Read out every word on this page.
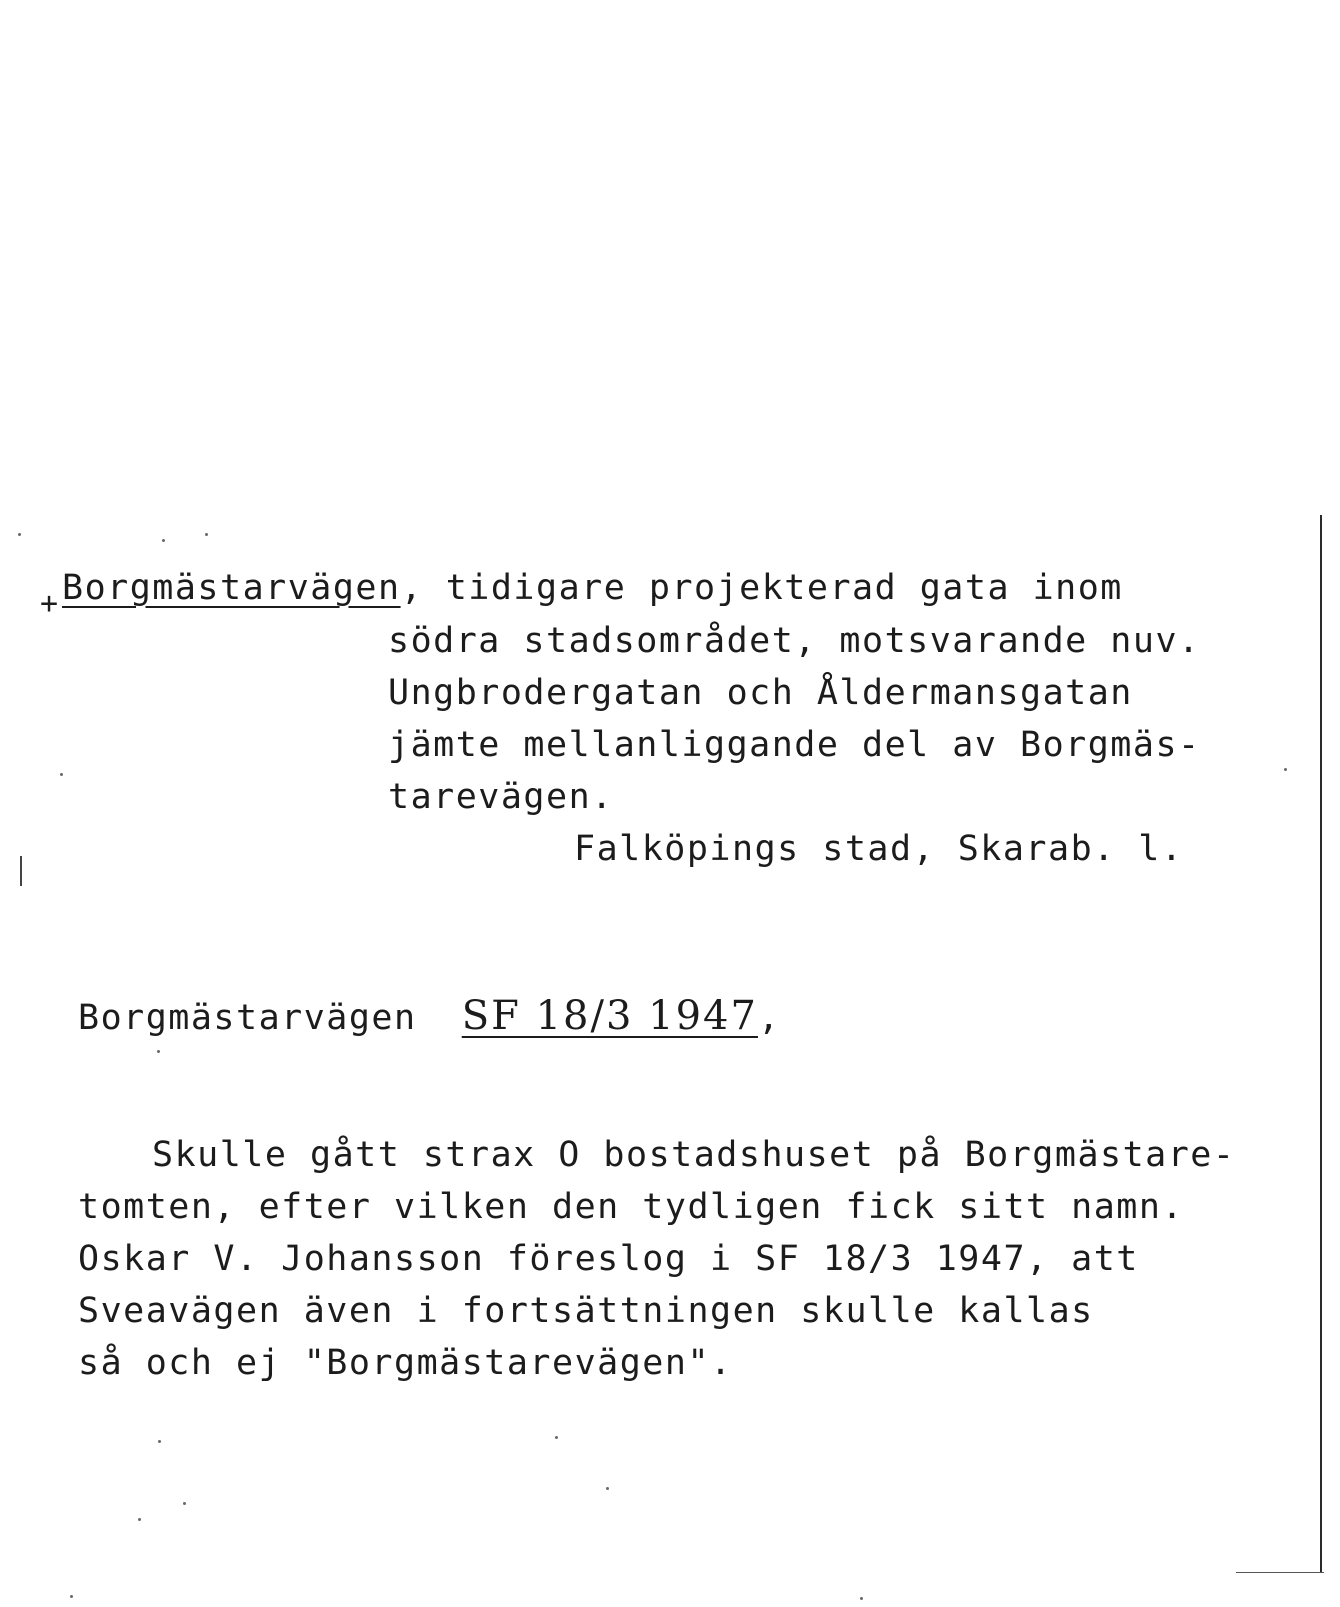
+ Borgmästarvägen, tidigare projekterad gata inom
södra stadsområdet, motsvarande nuv.
Ungbrodergatan och Åldermansgatan
jämte mellanliggande del av Borgmäs-
tarevägen.
Falköpings stad, Skarab. l.
Borgmästarvägen SF 18/3 1947,
Skulle gått strax O bostadshuset på Borgmästare-
tomten, efter vilken den tydligen fick sitt namn.
Oskar V. Johansson föreslog i SF 18/3 1947, att
Sveavägen även i fortsättningen skulle kallas
så och ej "Borgmästarevägen".
